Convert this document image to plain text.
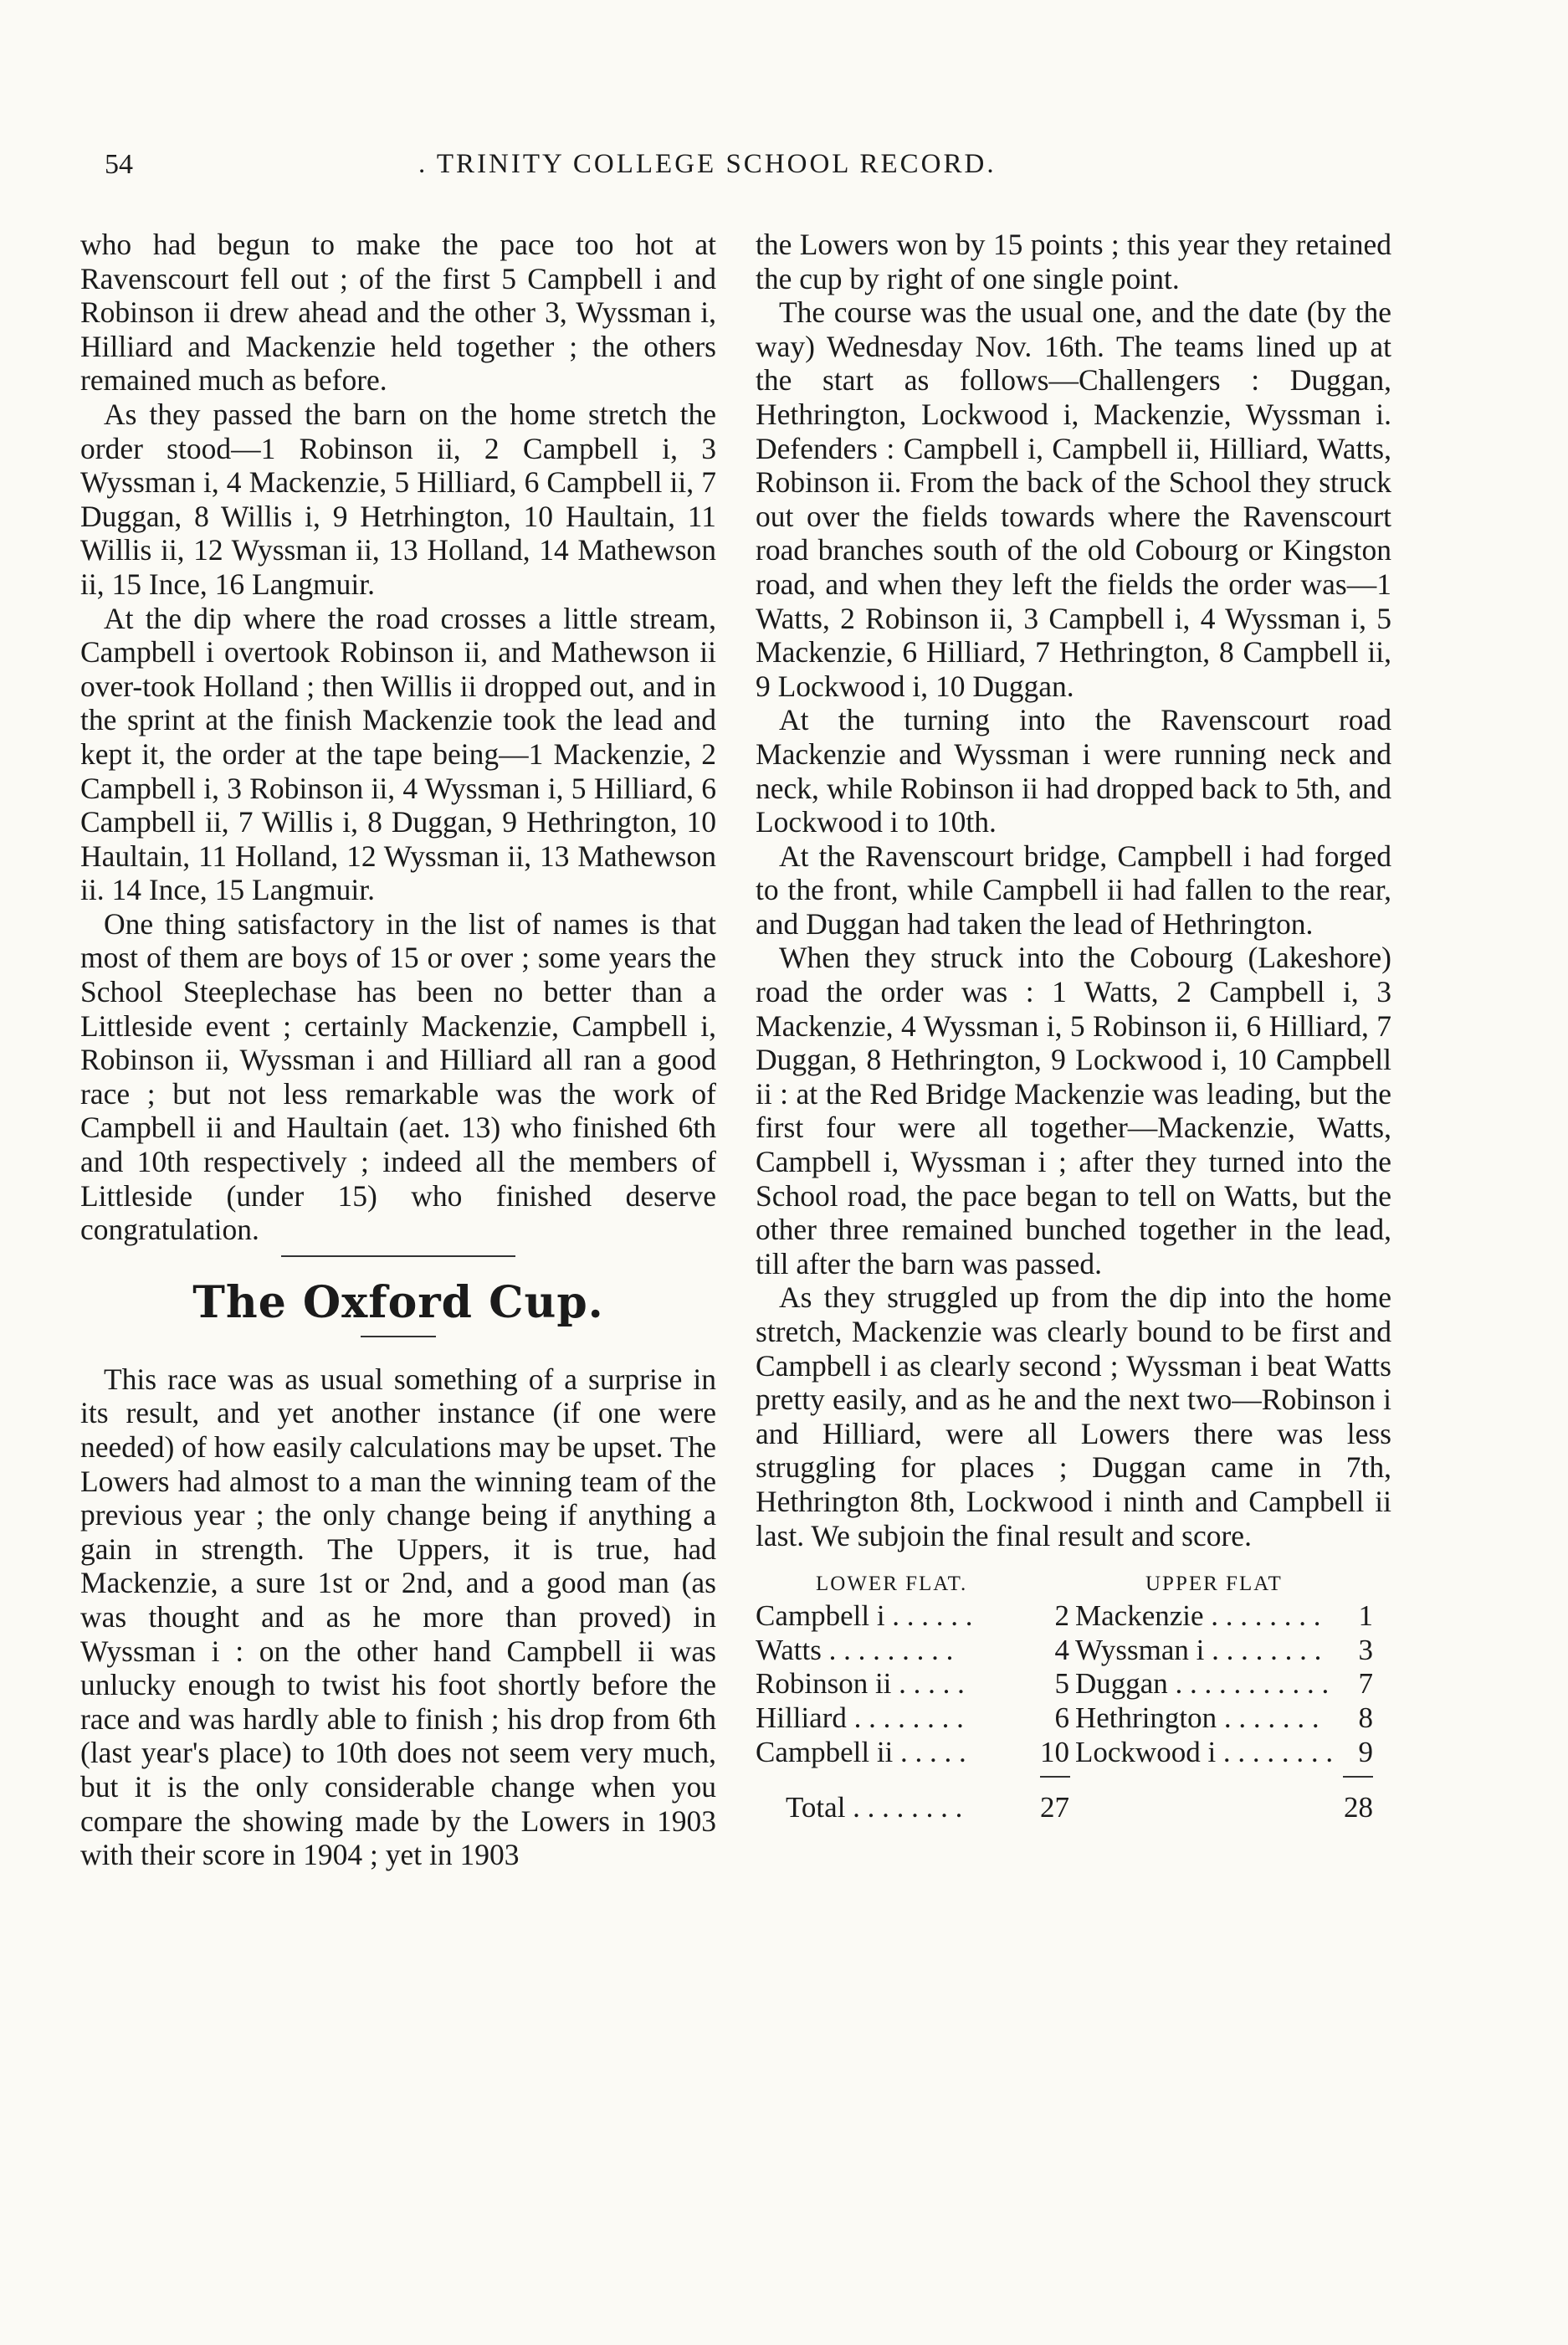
54	. TRINITY COLLEGE SCHOOL RECORD.

who had begun to make the pace too hot at Ravenscourt fell out ; of the first 5 Campbell i and Robinson ii drew ahead and the other 3, Wyssman i, Hilliard and Mackenzie held together ; the others remained much as before.

As they passed the barn on the home stretch the order stood—1 Robinson ii, 2 Campbell i, 3 Wyssman i, 4 Mackenzie, 5 Hilliard, 6 Campbell ii, 7 Duggan, 8 Willis i, 9 Hetrhington, 10 Haultain, 11 Willis ii, 12 Wyssman ii, 13 Holland, 14 Mathewson ii, 15 Ince, 16 Langmuir.

At the dip where the road crosses a little stream, Campbell i overtook Robinson ii, and Mathewson ii over-took Holland ; then Willis ii dropped out, and in the sprint at the finish Mackenzie took the lead and kept it, the order at the tape being—1 Mackenzie, 2 Campbell i, 3 Robinson ii, 4 Wyssman i, 5 Hilliard, 6 Campbell ii, 7 Willis i, 8 Duggan, 9 Hethrington, 10 Haultain, 11 Holland, 12 Wyssman ii, 13 Mathewson ii. 14 Ince, 15 Langmuir.

One thing satisfactory in the list of names is that most of them are boys of 15 or over ; some years the School Steeplechase has been no better than a Littleside event ; certainly Mackenzie, Campbell i, Robinson ii, Wyssman i and Hilliard all ran a good race ; but not less remarkable was the work of Campbell ii and Haultain (aet. 13) who finished 6th and 10th respectively ; indeed all the members of Littleside (under 15) who finished deserve congratulation.

The Oxford Cup.

This race was as usual something of a surprise in its result, and yet another instance (if one were needed) of how easily calculations may be upset. The Lowers had almost to a man the winning team of the previous year ; the only change being if anything a gain in strength. The Uppers, it is true, had Mackenzie, a sure 1st or 2nd, and a good man (as was thought and as he more than proved) in Wyssman i : on the other hand Campbell ii was unlucky enough to twist his foot shortly before the race and was hardly able to finish ; his drop from 6th (last year's place) to 10th does not seem very much, but it is the only considerable change when you compare the showing made by the Lowers in 1903 with their score in 1904 ; yet in 1903

the Lowers won by 15 points ; this year they retained the cup by right of one single point.

The course was the usual one, and the date (by the way) Wednesday Nov. 16th. The teams lined up at the start as follows—Challengers : Duggan, Hethrington, Lockwood i, Mackenzie, Wyssman i. Defenders : Campbell i, Campbell ii, Hilliard, Watts, Robinson ii. From the back of the School they struck out over the fields towards where the Ravenscourt road branches south of the old Cobourg or Kingston road, and when they left the fields the order was—1 Watts, 2 Robinson ii, 3 Campbell i, 4 Wyssman i, 5 Mackenzie, 6 Hilliard, 7 Hethrington, 8 Campbell ii, 9 Lockwood i, 10 Duggan.

At the turning into the Ravenscourt road Mackenzie and Wyssman i were running neck and neck, while Robinson ii had dropped back to 5th, and Lockwood i to 10th.

At the Ravenscourt bridge, Campbell i had forged to the front, while Campbell ii had fallen to the rear, and Duggan had taken the lead of Hethrington.

When they struck into the Cobourg (Lakeshore) road the order was : 1 Watts, 2 Campbell i, 3 Mackenzie, 4 Wyssman i, 5 Robinson ii, 6 Hilliard, 7 Duggan, 8 Hethrington, 9 Lockwood i, 10 Campbell ii : at the Red Bridge Mackenzie was leading, but the first four were all together—Mackenzie, Watts, Campbell i, Wyssman i ; after they turned into the School road, the pace began to tell on Watts, but the other three remained bunched together in the lead, till after the barn was passed.

As they struggled up from the dip into the home stretch, Mackenzie was clearly bound to be first and Campbell i as clearly second ; Wyssman i beat Watts pretty easily, and as he and the next two—Robinson i and Hilliard, were all Lowers there was less struggling for places ; Duggan came in 7th, Hethrington 8th, Lockwood i ninth and Campbell ii last. We subjoin the final result and score.

LOWER FLAT.	UPPER FLAT
Campbell i . . . . . .	2 Mackenzie . . . . . . . .	1
Watts . . . . . . . . .	4 Wyssman i . . . . . . . .	3
Robinson ii . . . . .	5 Duggan . . . . . . . . . . .	7
Hilliard . . . . . . . .	6 Hethrington . . . . . . .	8
Campbell ii . . . . .	10 Lockwood i . . . . . . . . 9
Total . . . . . . . .	27	28
